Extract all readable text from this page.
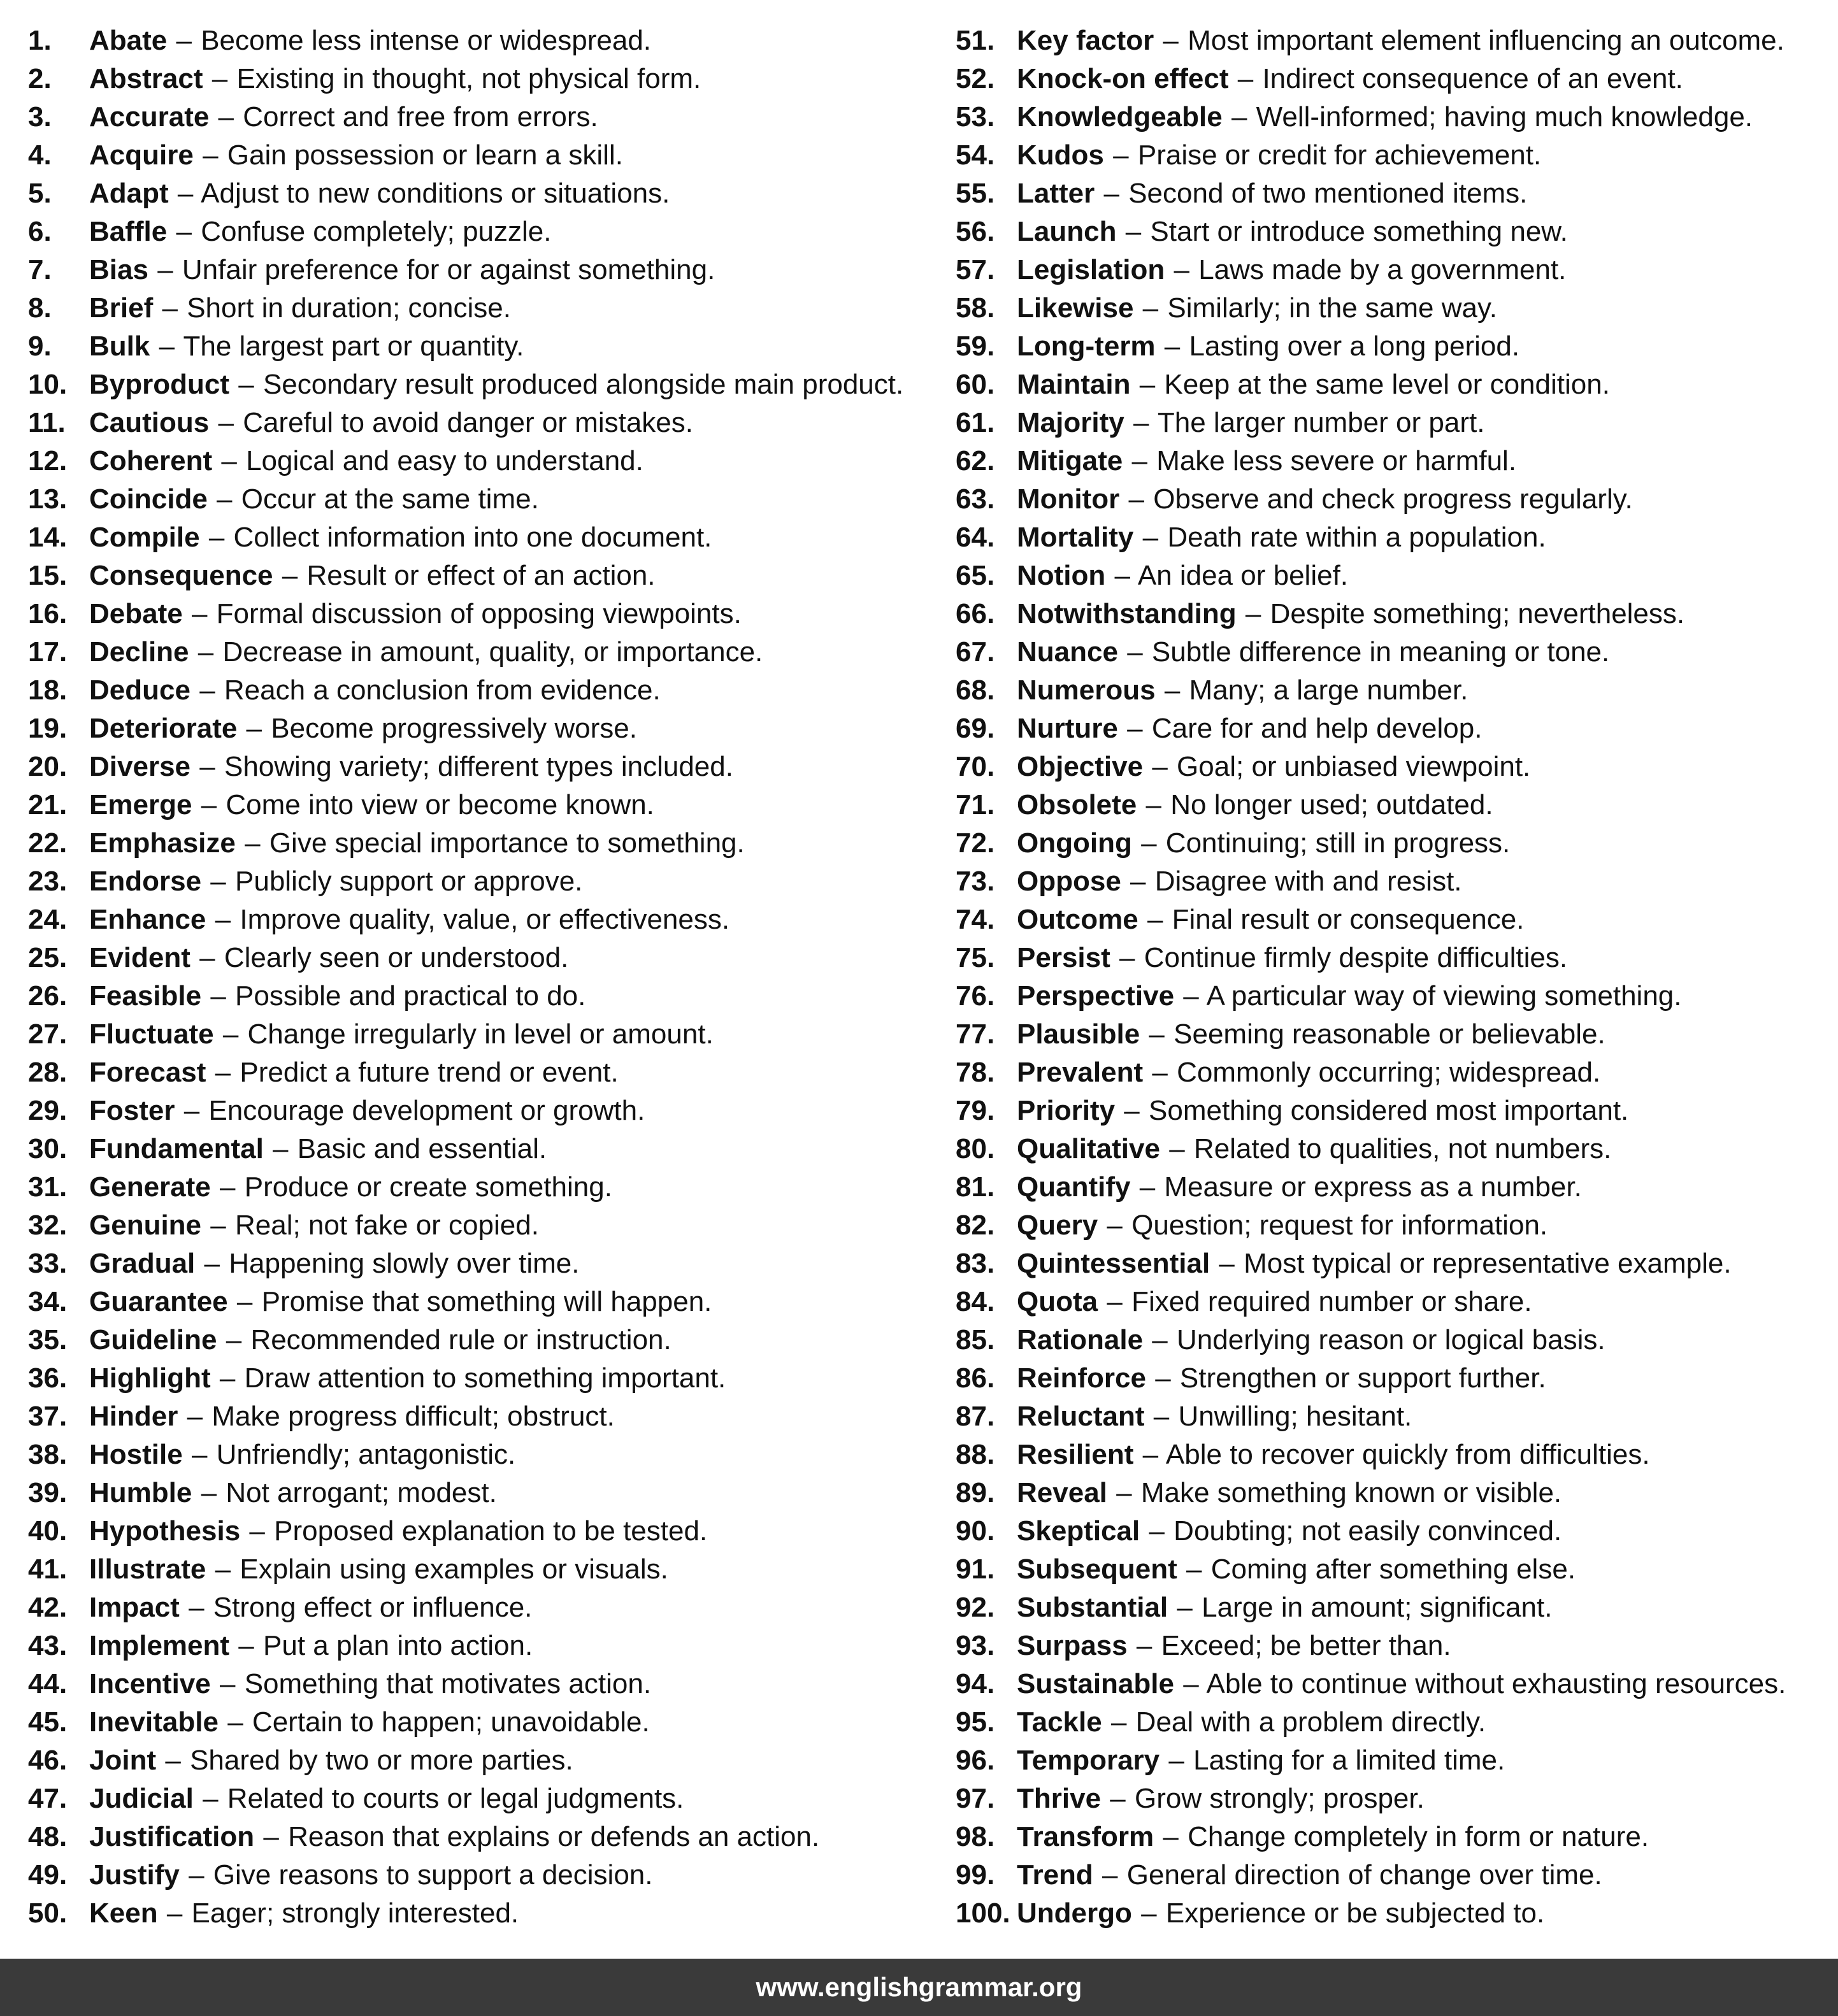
1. Abate – Become less intense or widespread.
2. Abstract – Existing in thought, not physical form.
3. Accurate – Correct and free from errors.
4. Acquire – Gain possession or learn a skill.
5. Adapt – Adjust to new conditions or situations.
6. Baffle – Confuse completely; puzzle.
7. Bias – Unfair preference for or against something.
8. Brief – Short in duration; concise.
9. Bulk – The largest part or quantity.
10. Byproduct – Secondary result produced alongside main product.
11. Cautious – Careful to avoid danger or mistakes.
12. Coherent – Logical and easy to understand.
13. Coincide – Occur at the same time.
14. Compile – Collect information into one document.
15. Consequence – Result or effect of an action.
16. Debate – Formal discussion of opposing viewpoints.
17. Decline – Decrease in amount, quality, or importance.
18. Deduce – Reach a conclusion from evidence.
19. Deteriorate – Become progressively worse.
20. Diverse – Showing variety; different types included.
21. Emerge – Come into view or become known.
22. Emphasize – Give special importance to something.
23. Endorse – Publicly support or approve.
24. Enhance – Improve quality, value, or effectiveness.
25. Evident – Clearly seen or understood.
26. Feasible – Possible and practical to do.
27. Fluctuate – Change irregularly in level or amount.
28. Forecast – Predict a future trend or event.
29. Foster – Encourage development or growth.
30. Fundamental – Basic and essential.
31. Generate – Produce or create something.
32. Genuine – Real; not fake or copied.
33. Gradual – Happening slowly over time.
34. Guarantee – Promise that something will happen.
35. Guideline – Recommended rule or instruction.
36. Highlight – Draw attention to something important.
37. Hinder – Make progress difficult; obstruct.
38. Hostile – Unfriendly; antagonistic.
39. Humble – Not arrogant; modest.
40. Hypothesis – Proposed explanation to be tested.
41. Illustrate – Explain using examples or visuals.
42. Impact – Strong effect or influence.
43. Implement – Put a plan into action.
44. Incentive – Something that motivates action.
45. Inevitable – Certain to happen; unavoidable.
46. Joint – Shared by two or more parties.
47. Judicial – Related to courts or legal judgments.
48. Justification – Reason that explains or defends an action.
49. Justify – Give reasons to support a decision.
50. Keen – Eager; strongly interested.
51. Key factor – Most important element influencing an outcome.
52. Knock-on effect – Indirect consequence of an event.
53. Knowledgeable – Well-informed; having much knowledge.
54. Kudos – Praise or credit for achievement.
55. Latter – Second of two mentioned items.
56. Launch – Start or introduce something new.
57. Legislation – Laws made by a government.
58. Likewise – Similarly; in the same way.
59. Long-term – Lasting over a long period.
60. Maintain – Keep at the same level or condition.
61. Majority – The larger number or part.
62. Mitigate – Make less severe or harmful.
63. Monitor – Observe and check progress regularly.
64. Mortality – Death rate within a population.
65. Notion – An idea or belief.
66. Notwithstanding – Despite something; nevertheless.
67. Nuance – Subtle difference in meaning or tone.
68. Numerous – Many; a large number.
69. Nurture – Care for and help develop.
70. Objective – Goal; or unbiased viewpoint.
71. Obsolete – No longer used; outdated.
72. Ongoing – Continuing; still in progress.
73. Oppose – Disagree with and resist.
74. Outcome – Final result or consequence.
75. Persist – Continue firmly despite difficulties.
76. Perspective – A particular way of viewing something.
77. Plausible – Seeming reasonable or believable.
78. Prevalent – Commonly occurring; widespread.
79. Priority – Something considered most important.
80. Qualitative – Related to qualities, not numbers.
81. Quantify – Measure or express as a number.
82. Query – Question; request for information.
83. Quintessential – Most typical or representative example.
84. Quota – Fixed required number or share.
85. Rationale – Underlying reason or logical basis.
86. Reinforce – Strengthen or support further.
87. Reluctant – Unwilling; hesitant.
88. Resilient – Able to recover quickly from difficulties.
89. Reveal – Make something known or visible.
90. Skeptical – Doubting; not easily convinced.
91. Subsequent – Coming after something else.
92. Substantial – Large in amount; significant.
93. Surpass – Exceed; be better than.
94. Sustainable – Able to continue without exhausting resources.
95. Tackle – Deal with a problem directly.
96. Temporary – Lasting for a limited time.
97. Thrive – Grow strongly; prosper.
98. Transform – Change completely in form or nature.
99. Trend – General direction of change over time.
100. Undergo – Experience or be subjected to.
www.englishgrammar.org
